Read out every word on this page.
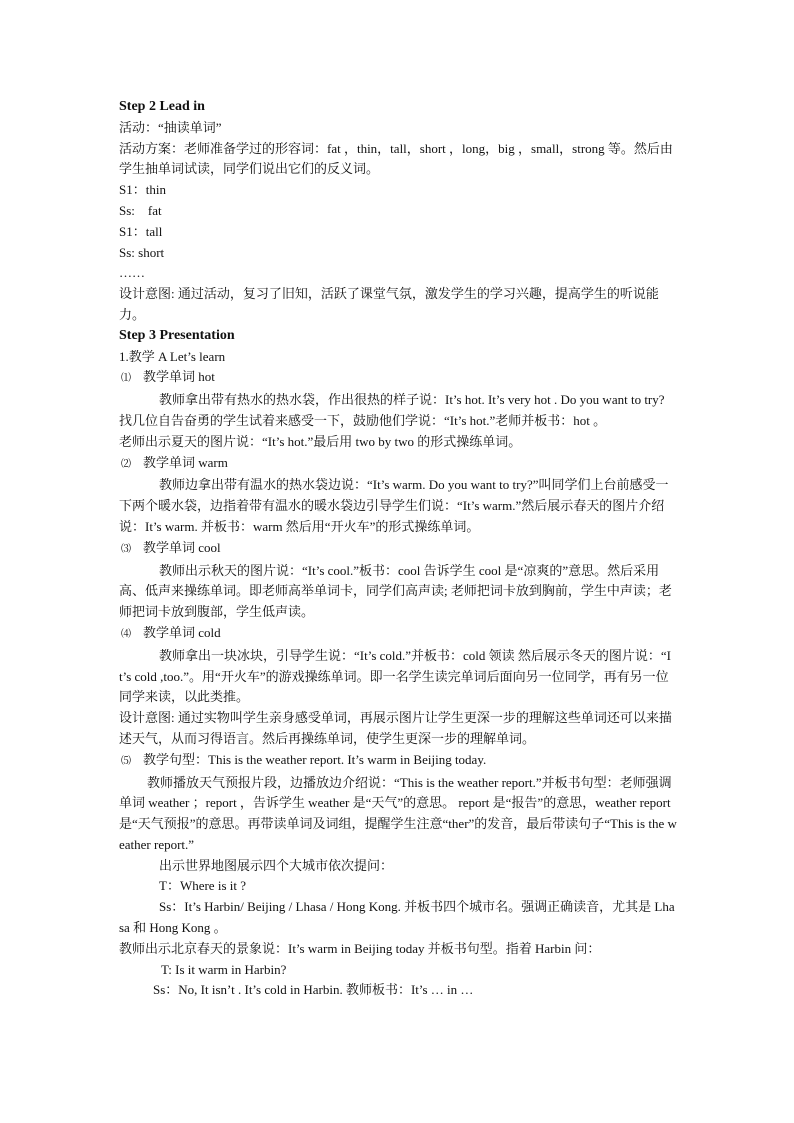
Step 2 Lead in

活动：“抽读单词”

活动方案：老师准备学过的形容词：fat ，thin，tall，short ，long，big ，small，strong 等。然后由学生抽单词试读，同学们说出它们的反义词。

S1：thin

Ss:    fat

S1：tall

Ss: short

……

设计意图: 通过活动，复习了旧知，活跃了课堂气氛，激发学生的学习兴趣，提高学生的听说能力。

Step 3 Presentation

1.教学 A Let’s learn

⑴ 教学单词 hot

教师拿出带有热水的热水袋，作出很热的样子说：It’s hot. It’s very hot . Do you want to try? 找几位自告奋勇的学生试着来感受一下，鼓励他们学说：“It’s hot.”老师并板书：hot 。

老师出示夏天的图片说：“It’s hot.”最后用 two by two 的形式操练单词。

⑵ 教学单词 warm

教师边拿出带有温水的热水袋边说：“It’s warm. Do you want to try?”叫同学们上台前感受一下两个暖水袋，边指着带有温水的暖水袋边引导学生们说：“It’s warm.”然后展示春天的图片介绍说：It’s warm. 并板书：warm 然后用“开火车”的形式操练单词。

⑶ 教学单词 cool

教师出示秋天的图片说：“It’s cool.”板书：cool 告诉学生 cool 是“凉爽的”意思。然后采用 高、低声来操练单词。即老师高举单词卡，同学们高声读; 老师把词卡放到胸前，学生中声读；老师把词卡放到腹部，学生低声读。

⑷ 教学单词 cold

教师拿出一块冰块，引导学生说：“It’s cold.”并板书：cold 领读 然后展示冬天的图片说：“It’s cold ,too.”。用“开火车”的游戏操练单词。即一名学生读完单词后面向另一位同学，再有另一位同学来读，以此类推。

设计意图: 通过实物叫学生亲身感受单词，再展示图片让学生更深一步的理解这些单词还可以来描述天气，从而习得语言。然后再操练单词，使学生更深一步的理解单词。

⑸ 教学句型：This is the weather report. It’s warm in Beijing today.

教师播放天气预报片段，边播放边介绍说：“This is the weather report.”并板书句型：老师强调单词 weather ；report ，告诉学生 weather 是“天气”的意思。 report 是“报告”的意思，weather report 是“天气预报”的意思。再带读单词及词组，提醒学生注意“ther”的发音，最后带读句子“This is the weather report.”

出示世界地图展示四个大城市依次提问：

T：Where is it ?

Ss：It’s Harbin/ Beijing / Lhasa / Hong Kong. 并板书四个城市名。强调正确读音，尤其是 Lhasa 和 Hong Kong 。

教师出示北京春天的景象说：It’s warm in Beijing today 并板书句型。指着 Harbin 问：

T: Is it warm in Harbin?

Ss：No, It isn’t . It’s cold in Harbin. 教师板书：It’s … in …
